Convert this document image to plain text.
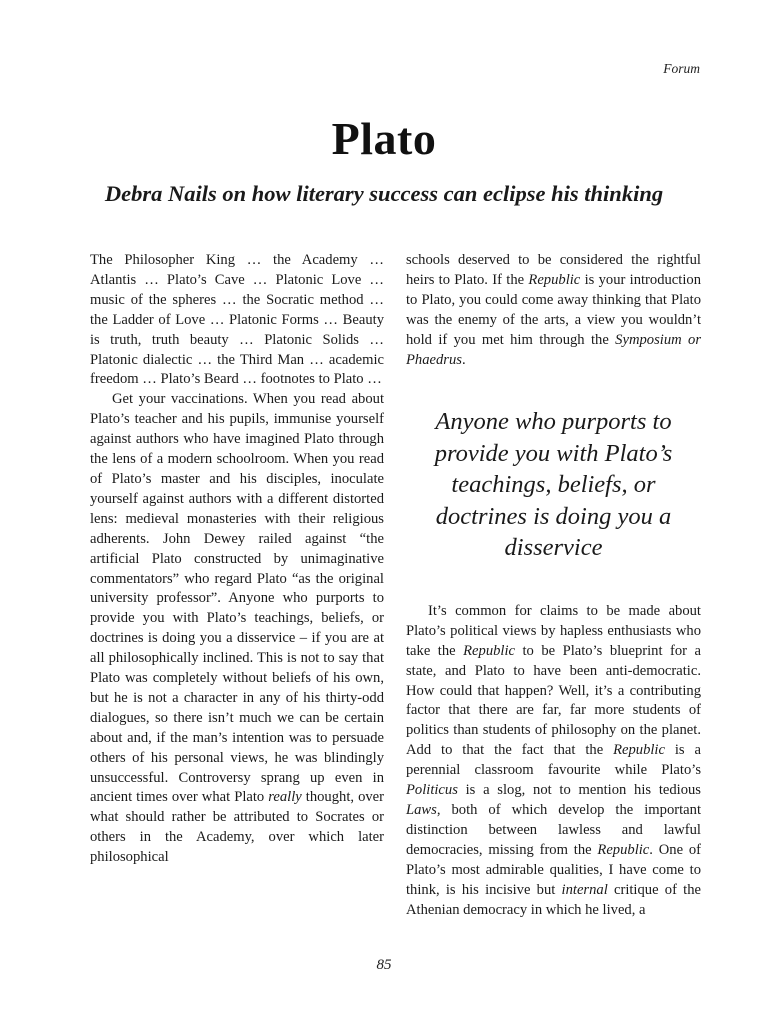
Forum
Plato
Debra Nails on how literary success can eclipse his thinking

The Philosopher King … the Academy … Atlantis … Plato’s Cave … Platonic Love … music of the spheres … the Socratic method … the Ladder of Love … Platonic Forms … Beauty is truth, truth beauty … Platonic Solids … Platonic dialectic … the Third Man … academic freedom … Plato’s Beard … footnotes to Plato …

Get your vaccinations. When you read about Plato’s teacher and his pupils, immunise yourself against authors who have imagined Plato through the lens of a modern schoolroom. When you read of Plato’s master and his disciples, inoculate yourself against authors with a different distorted lens: medieval monasteries with their religious adherents. John Dewey railed against “the artificial Plato constructed by unimaginative commentators” who regard Plato “as the original university professor”. Anyone who purports to provide you with Plato’s teachings, beliefs, or doctrines is doing you a disservice – if you are at all philosophically inclined. This is not to say that Plato was completely without beliefs of his own, but he is not a character in any of his thirty-odd dialogues, so there isn’t much we can be certain about and, if the man’s intention was to persuade others of his personal views, he was blindingly unsuccessful. Controversy sprang up even in ancient times over what Plato really thought, over what should rather be attributed to Socrates or others in the Academy, over which later philosophical

schools deserved to be considered the rightful heirs to Plato. If the Republic is your introduction to Plato, you could come away thinking that Plato was the enemy of the arts, a view you wouldn’t hold if you met him through the Symposium or Phaedrus.

Anyone who purports to provide you with Plato’s teachings, beliefs, or doctrines is doing you a disservice

It’s common for claims to be made about Plato’s political views by hapless enthusiasts who take the Republic to be Plato’s blueprint for a state, and Plato to have been anti-democratic. How could that happen? Well, it’s a contributing factor that there are far, far more students of politics than students of philosophy on the planet. Add to that the fact that the Republic is a perennial classroom favourite while Plato’s Politicus is a slog, not to mention his tedious Laws, both of which develop the important distinction between lawless and lawful democracies, missing from the Republic. One of Plato’s most admirable qualities, I have come to think, is his incisive but internal critique of the Athenian democracy in which he lived, a

85
